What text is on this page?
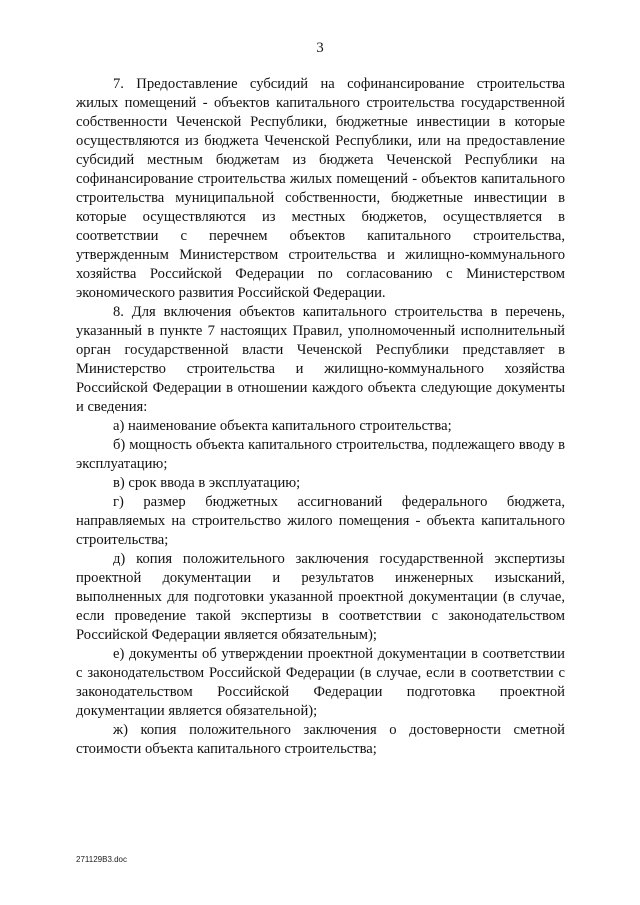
3

7. Предоставление субсидий на софинансирование строительства жилых помещений - объектов капитального строительства государственной собственности Чеченской Республики, бюджетные инвестиции в которые осуществляются из бюджета Чеченской Республики, или на предоставление субсидий местным бюджетам из бюджета Чеченской Республики на софинансирование строительства жилых помещений - объектов капитального строительства муниципальной собственности, бюджетные инвестиции в которые осуществляются из местных бюджетов, осуществляется в соответствии с перечнем объектов капитального строительства, утвержденным Министерством строительства и жилищно-коммунального хозяйства Российской Федерации по согласованию с Министерством экономического развития Российской Федерации.

8. Для включения объектов капитального строительства в перечень, указанный в пункте 7 настоящих Правил, уполномоченный исполнительный орган государственной власти Чеченской Республики представляет в Министерство строительства и жилищно-коммунального хозяйства Российской Федерации в отношении каждого объекта следующие документы и сведения:

а) наименование объекта капитального строительства;

б) мощность объекта капитального строительства, подлежащего вводу в эксплуатацию;

в) срок ввода в эксплуатацию;

г) размер бюджетных ассигнований федерального бюджета, направляемых на строительство жилого помещения - объекта капитального строительства;

д) копия положительного заключения государственной экспертизы проектной документации и результатов инженерных изысканий, выполненных для подготовки указанной проектной документации (в случае, если проведение такой экспертизы в соответствии с законодательством Российской Федерации является обязательным);

е) документы об утверждении проектной документации в соответствии с законодательством Российской Федерации (в случае, если в соответствии с законодательством Российской Федерации подготовка проектной документации является обязательной);

ж) копия положительного заключения о достоверности сметной стоимости объекта капитального строительства;

271129B3.doc
